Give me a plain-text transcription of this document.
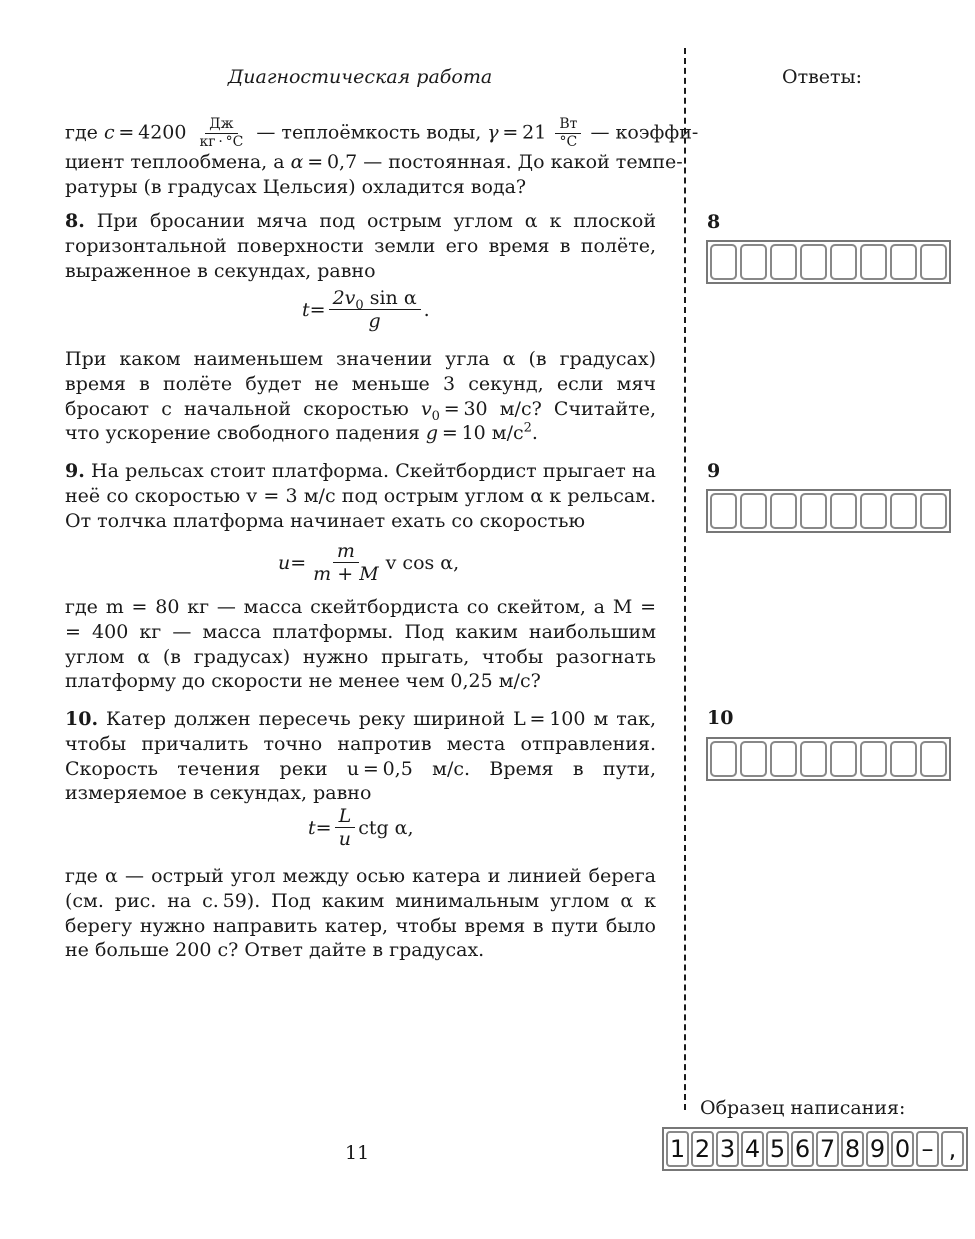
Диагностическая работа	Ответы:

где $c = 4200 \frac{Дж}{кг \cdot ^\circ C}$ — теплоёмкость воды, $\gamma = 21 \frac{Вт}{^\circ C}$ — коэффи-

циент теплообмена, а α = 0,7 — постоянная. До какой темпе-

ратуры (в градусах Цельсия) охладится вода?

8. При бросании мяча под острым углом α к плоской горизонтальной поверхности земли его время в полёте, выраженное в секундах, равно

$t = \frac{2v_0 \sin \alpha}{g}$ .

При каком наименьшем значении угла α (в градусах) время в полёте будет не меньше 3 секунд, если мяч бросают с начальной скоростью $v_0 = 30$ м/с? Считайте, что ускорение свободного падения g = 10 $м/с^2$.

9. На рельсах стоит платформа. Скейтбордист прыгает на неё со скоростью v = 3 м/с под острым углом α к рельсам. От толчка платформа начинает ехать со скоростью

$u = \frac{m}{m + M}$ v cos α,

где m = 80 кг — масса скейтбордиста со скейтом, а M = = 400 кг — масса платформы. Под каким наибольшим углом α (в градусах) нужно прыгать, чтобы разогнать платформу до скорости не менее чем 0,25 м/с?

10. Катер должен пересечь реку шириной L = 100 м так, чтобы причалить точно напротив места отправления. Скорость течения реки u = 0,5 м/с. Время в пути, измеряемое в секундах, равно

$t = \frac{L}{u}$ ctg α,

где α — острый угол между осью катера и линией берега (см. рис. на с. 59). Под каким минимальным углом α к берегу нужно направить катер, чтобы время в пути было не больше 200 с? Ответ дайте в градусах.

8
9
10
Образец написания:
1 2 3 4 5 6 7 8 9 0 – ,
11
